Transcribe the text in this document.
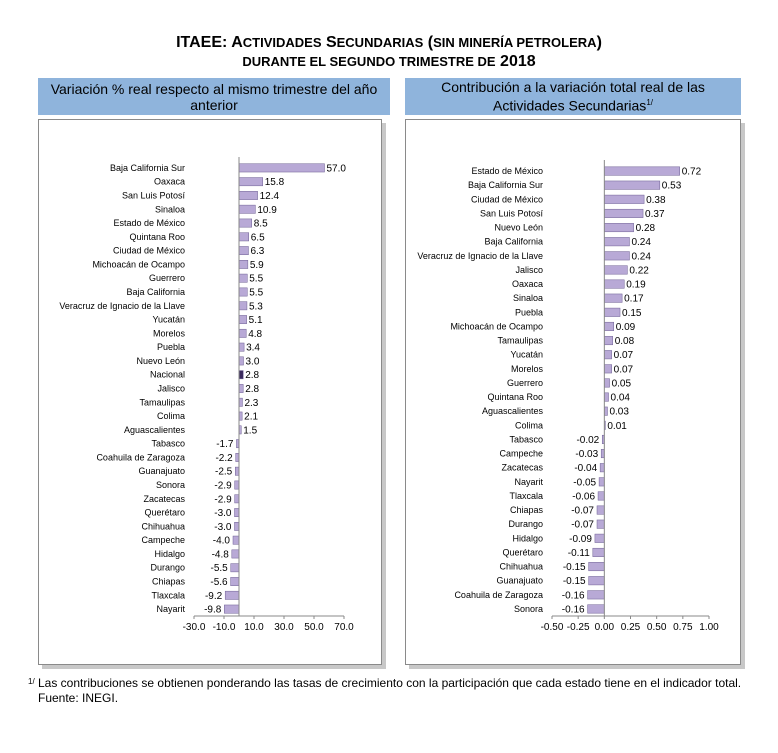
ITAEE: ACTIVIDADES SECUNDARIAS (SIN MINERÍA PETROLERA)
DURANTE EL SEGUNDO TRIMESTRE DE 2018
Variación % real respecto al mismo trimestre del año anterior
Contribución a la variación total real de las Actividades Secundarias$^{1/}$
Baja California Sur	57.0
Oaxaca	15.8
San Luis Potosí	12.4
Sinaloa	10.9
Estado de México	8.5
Quintana Roo	6.5
Ciudad de México	6.3
Michoacán de Ocampo	5.9
Guerrero	5.5
Baja California	5.5
Veracruz de Ignacio de la Llave	5.3
Yucatán	5.1
Morelos	4.8
Puebla	3.4
Nuevo León	3.0
Nacional	2.8
Jalisco	2.8
Tamaulipas	2.3
Colima	2.1
Aguascalientes	1.5
Tabasco	-1.7
Coahuila de Zaragoza	-2.2
Guanajuato	-2.5
Sonora	-2.9
Zacatecas	-2.9
Querétaro	-3.0
Chihuahua	-3.0
Campeche	-4.0
Hidalgo	-4.8
Durango	-5.5
Chiapas	-5.6
Tlaxcala -9.2
Nayarit -9.8
-30.0 -10.0 10.0 30.0 50.0 70.0
Estado de México	0.72
Baja California Sur	0.53
Ciudad de México	0.38
San Luis Potosí	0.37
Nuevo León	0.28
Baja California	0.24
Veracruz de Ignacio de la Llave	0.24
Jalisco	0.22
Oaxaca	0.19
Sinaloa	0.17
Puebla	0.15
Michoacán de Ocampo	0.09
Tamaulipas	0.08
Yucatán	0.07
Morelos	0.07
Guerrero	0.05
Quintana Roo	0.04
Aguascalientes	0.03
Colima	0.01
Tabasco	-0.02
Campeche	-0.03
Zacatecas	-0.04
Nayarit	-0.05
Tlaxcala	-0.06
Chiapas	-0.07
Durango	-0.07
Hidalgo	-0.09
Querétaro -0.11
Chihuahua -0.15
Guanajuato -0.15
Coahuila de Zaragoza -0.16
Sonora -0.16
-0.50 -0.25 0.00 0.25 0.50 0.75 1.00
1/ Las contribuciones se obtienen ponderando las tasas de crecimiento con la participación que cada estado tiene en el indicador total.
Fuente: INEGI.
